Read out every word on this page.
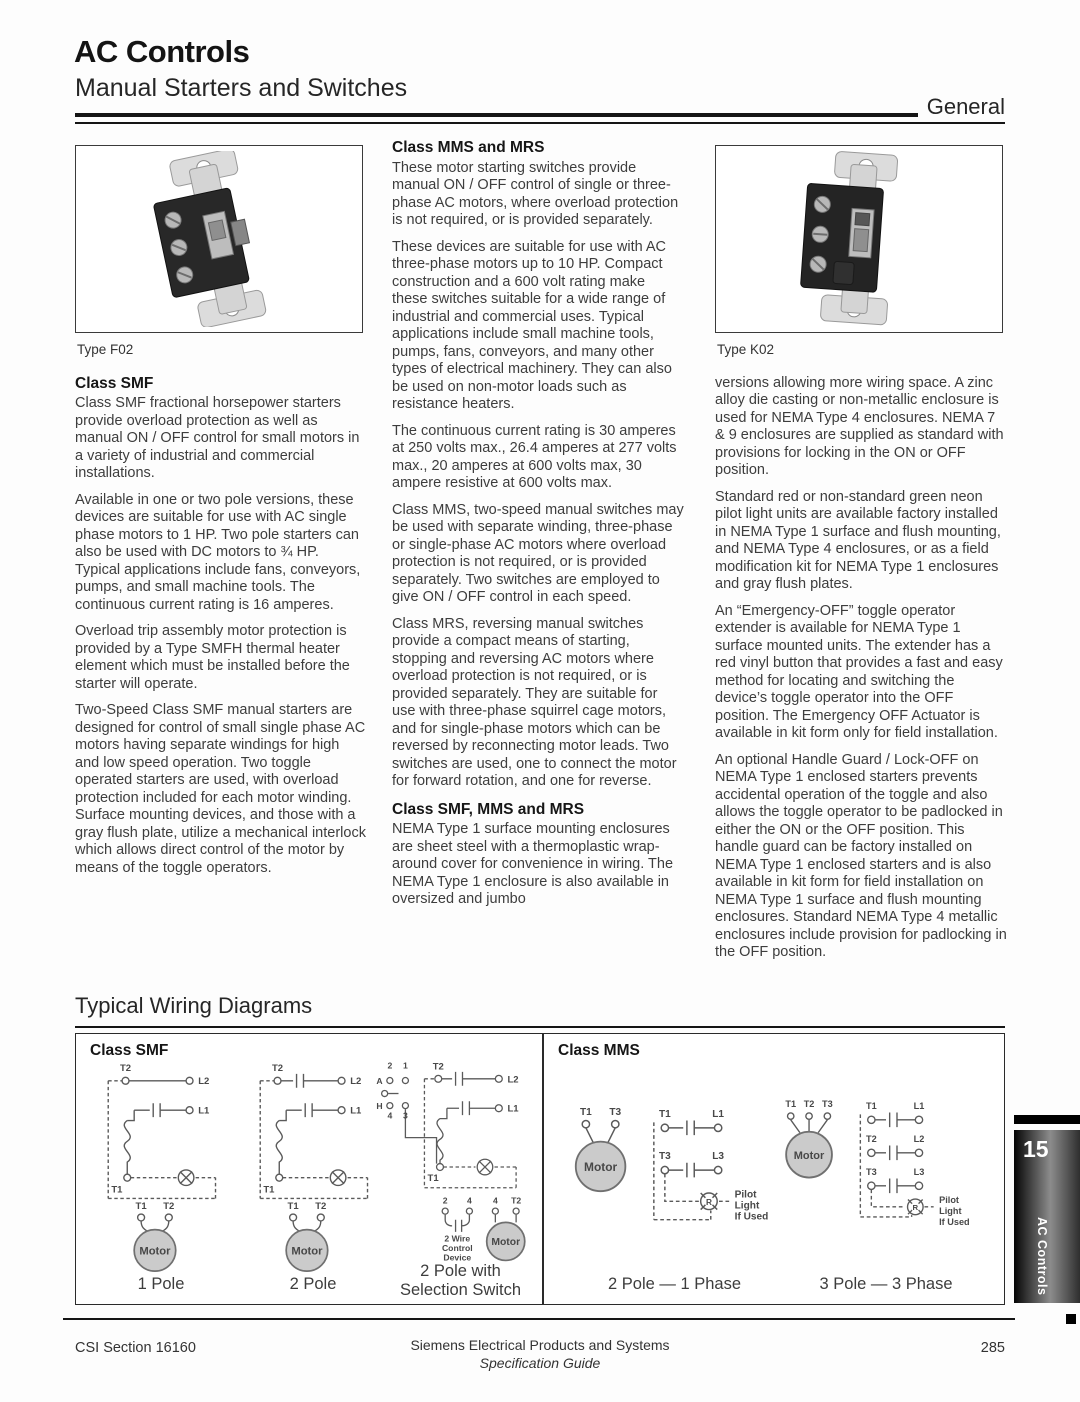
AC Controls
Manual Starters and Switches
General
Type F02
Class SMF

Class SMF fractional horsepower starters provide overload protection as well as manual ON / OFF control for small motors in a variety of industrial and commercial installations.

Available in one or two pole versions, these devices are suitable for use with AC single phase motors to 1 HP. Two pole starters can also be used with DC motors to ¾ HP. Typical applications include fans, conveyors, pumps, and small machine tools. The continuous current rating is 16 amperes.

Overload trip assembly motor protection is provided by a Type SMFH thermal heater element which must be installed before the starter will operate.

Two-Speed Class SMF manual starters are designed for control of small single phase AC motors having separate windings for high and low speed operation. Two toggle operated starters are used, with overload protection included for each motor winding. Surface mounting devices, and those with a gray flush plate, utilize a mechanical interlock which allows direct control of the motor by means of the toggle operators.

Class MMS and MRS

These motor starting switches provide manual ON / OFF control of single or three-phase AC motors, where overload protection is not required, or is provided separately.

These devices are suitable for use with AC three-phase motors up to 10 HP. Compact construction and a 600 volt rating make these switches suitable for a wide range of industrial and commercial uses. Typical applications include small machine tools, pumps, fans, conveyors, and many other types of electrical machinery. They can also be used on non-motor loads such as resistance heaters.

The continuous current rating is 30 amperes at 250 volts max., 26.4 amperes at 277 volts max., 20 amperes at 600 volts max, 30 ampere resistive at 600 volts max.

Class MMS, two-speed manual switches may be used with separate winding, three-phase or single-phase AC motors where overload protection is not required, or is provided separately. Two switches are employed to give ON / OFF control in each speed.

Class MRS, reversing manual switches provide a compact means of starting, stopping and reversing AC motors where overload protection is not required, or is provided separately. They are suitable for use with three-phase squirrel cage motors, and for single-phase motors which can be reversed by reconnecting motor leads. Two switches are used, one to connect the motor for forward rotation, and one for reverse.

Class SMF, MMS and MRS

NEMA Type 1 surface mounting enclosures are sheet steel with a thermoplastic wrap-around cover for convenience in wiring. The NEMA Type 1 enclosure is also available in oversized and jumbo

Type K02

versions allowing more wiring space. A zinc alloy die casting or non-metallic enclosure is used for NEMA Type 4 enclosures. NEMA 7 & 9 enclosures are supplied as standard with provisions for locking in the ON or OFF position.

Standard red or non-standard green neon pilot light units are available factory installed in NEMA Type 1 surface and flush mounting, and NEMA Type 4 enclosures, or as a field modification kit for NEMA Type 1 enclosures and gray flush plates.

An “Emergency-OFF” toggle operator extender is available for NEMA Type 1 surface mounted units. The extender has a red vinyl button that provides a fast and easy method for locating and switching the device’s toggle operator into the OFF position. The Emergency OFF Actuator is available in kit form only for field installation.

An optional Handle Guard / Lock-OFF on NEMA Type 1 enclosed starters prevents accidental operation of the toggle and also allows the toggle operator to be padlocked in either the ON or the OFF position. This handle guard can be factory installed on NEMA Type 1 enclosed starters and is also available in kit form for field installation on NEMA Type 1 surface and flush mounting enclosures. Standard NEMA Type 4 metallic enclosures include provision for padlocking in the OFF position.

Typical Wiring Diagrams
Class SMF	Class MMS
T2
L2
L1
T1
T1 T2
Motor
1 Pole
T2
L2
L1
T1
T1 T2
Motor
2 Pole
2 1
A
H
4 3
T2
L2
L1
T1
2 4 4 T2
2 Wire
Control
Device
Motor
2 Pole with
Selection Switch
T1 T3
Motor
T1	L1
T3	L3
R
Pilot
Light
If Used
2 Pole — 1 Phase
T1 T2 T3
Motor
T1	L1
T2	L2
T3	L3
R
Pilot
Light
If Used
3 Pole — 3 Phase
15
AC Controls
CSI Section 16160	Siemens Electrical Products and Systems
Specification Guide
285
